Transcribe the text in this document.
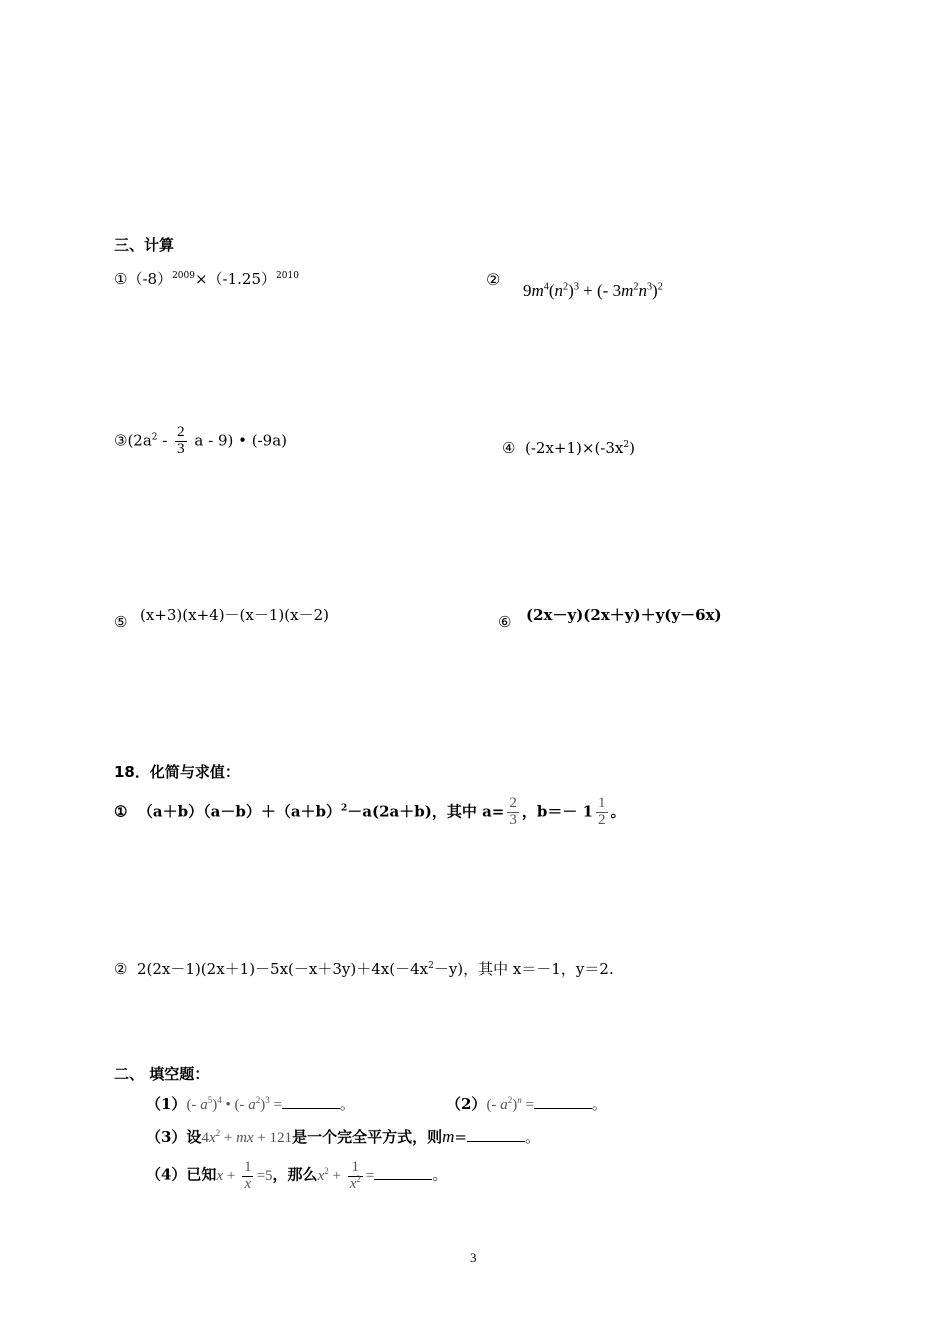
三、计算
$①(-8)^{2009}\times(-1.25)^{2010}$	②
$9m^4(n^2)^3$ + (- $3m^2n^3)^2$
$③(2a^2 - \frac{2}{3}$ a - 9) • (-9a)	④ $(-2x+1)\times(-3x^2)$
⑤ (x+3)(x+4)－(x－1)(x－2)	⑥ (2x－y)(2x＋y)＋y(y－6x)
18．化简与求值：
① $(a+b)(a-b)+(a+b)^2-a(2a+b)$，其中 $a= \frac{2}{3}$ ，$b=- 1 \frac{1}{2}$ 。
② $2(2x-1)(2x+1)-5x(-x+3y)+4x(-4x^2-y)$，其中 x＝－1，y＝2.
二、 填空题：
（1）(- $a^5)^4$ • (- $a^2)^3$ =	。	（2）(- $a^2)^n$ =	。
（3）设$4x^2$ + mx + 121是一个完全平方式，则m=	。
（4）已知$x + \frac{1}{x} =5$，那么$x^2 + \frac{1}{x^2}$ =	。
3
